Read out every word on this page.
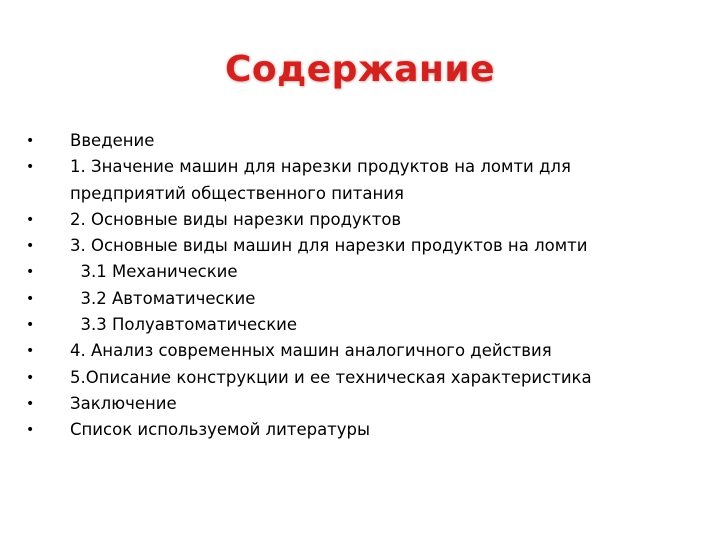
Содержание
•	Введение
•	1. Значение машин для нарезки продуктов на ломти для предприятий общественного питания
•	2. Основные виды нарезки продуктов
•	3. Основные виды машин для нарезки продуктов на ломти
•	3.1 Механические
•	3.2 Автоматические
•	3.3 Полуавтоматические
•	4. Анализ современных машин аналогичного действия
•	5.Описание конструкции и ее техническая характеристика
•	Заключение
•	Список используемой литературы
